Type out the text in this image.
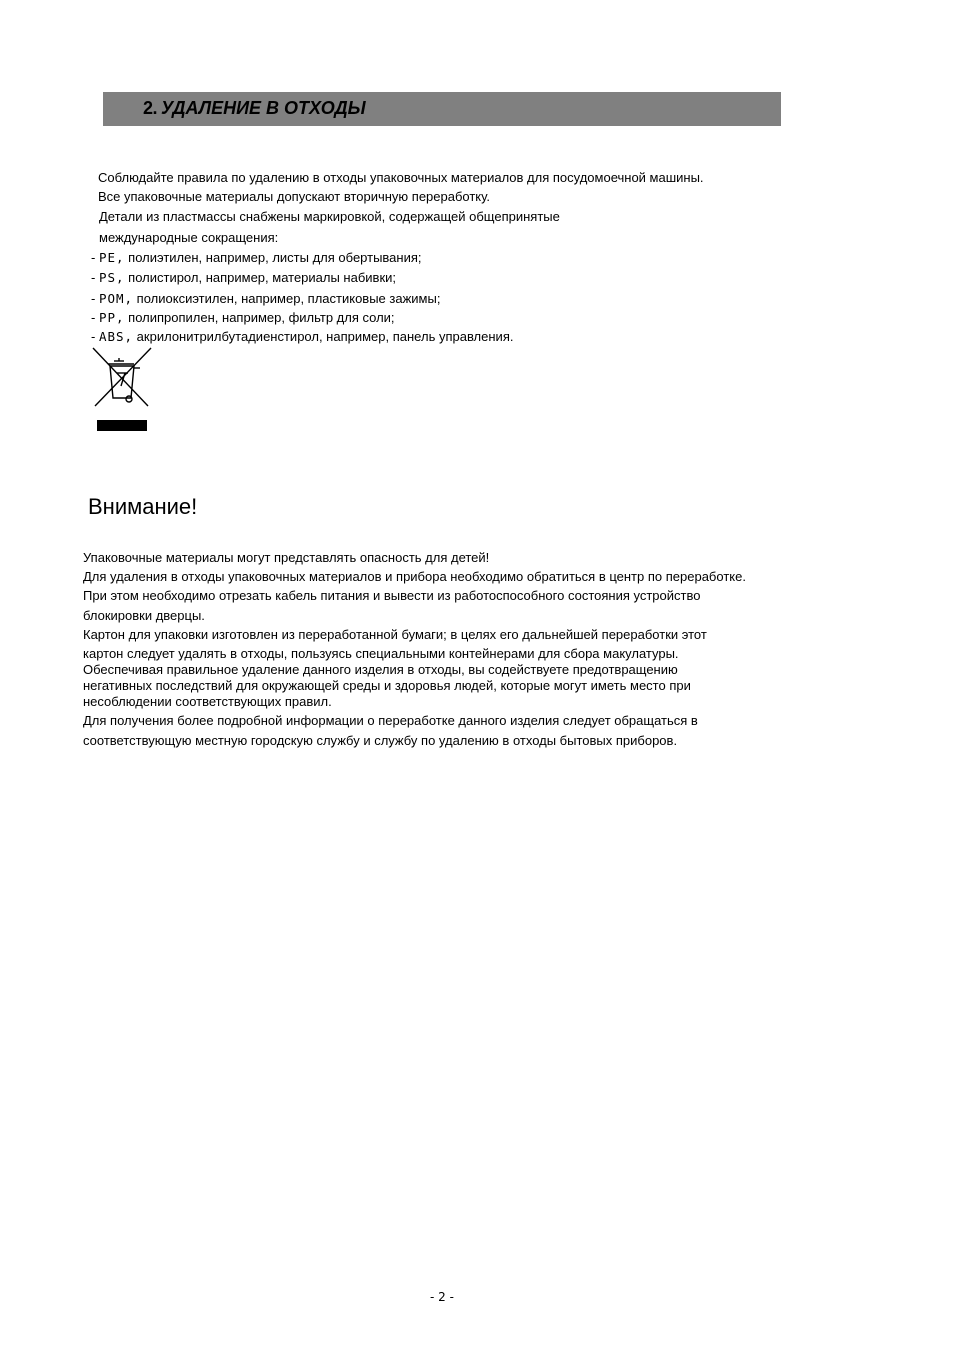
2. УДАЛЕНИЕ В ОТХОДЫ
Соблюдайте правила по удалению в отходы упаковочных материалов для посудомоечной машины.
Все упаковочные материалы допускают вторичную переработку.
Детали из пластмассы снабжены маркировкой, содержащей общепринятые
международные сокращения:
- PE, полиэтилен, например, листы для обертывания;
- PS, полистирол, например, материалы набивки;
- POM, полиоксиэтилен, например, пластиковые зажимы;
- PP, полипропилен, например, фильтр для соли;
- ABS, акрилонитрилбутадиенстирол, например, панель управления.
Внимание!
Упаковочные материалы могут представлять опасность для детей!
Для удаления в отходы упаковочных материалов и прибора необходимо обратиться в центр по переработке.
При этом необходимо отрезать кабель питания и вывести из работоспособного состояния устройство
блокировки дверцы.
Картон для упаковки изготовлен из переработанной бумаги; в целях его дальнейшей переработки этот
картон следует удалять в отходы, пользуясь специальными контейнерами для сбора макулатуры.
Обеспечивая правильное удаление данного изделия в отходы, вы содействуете предотвращению
негативных последствий для окружающей среды и здоровья людей, которые могут иметь место при
несоблюдении соответствующих правил.
Для получения более подробной информации о переработке данного изделия следует обращаться в
соответствующую местную городскую службу и службу по удалению в отходы бытовых приборов.
- 2 -
